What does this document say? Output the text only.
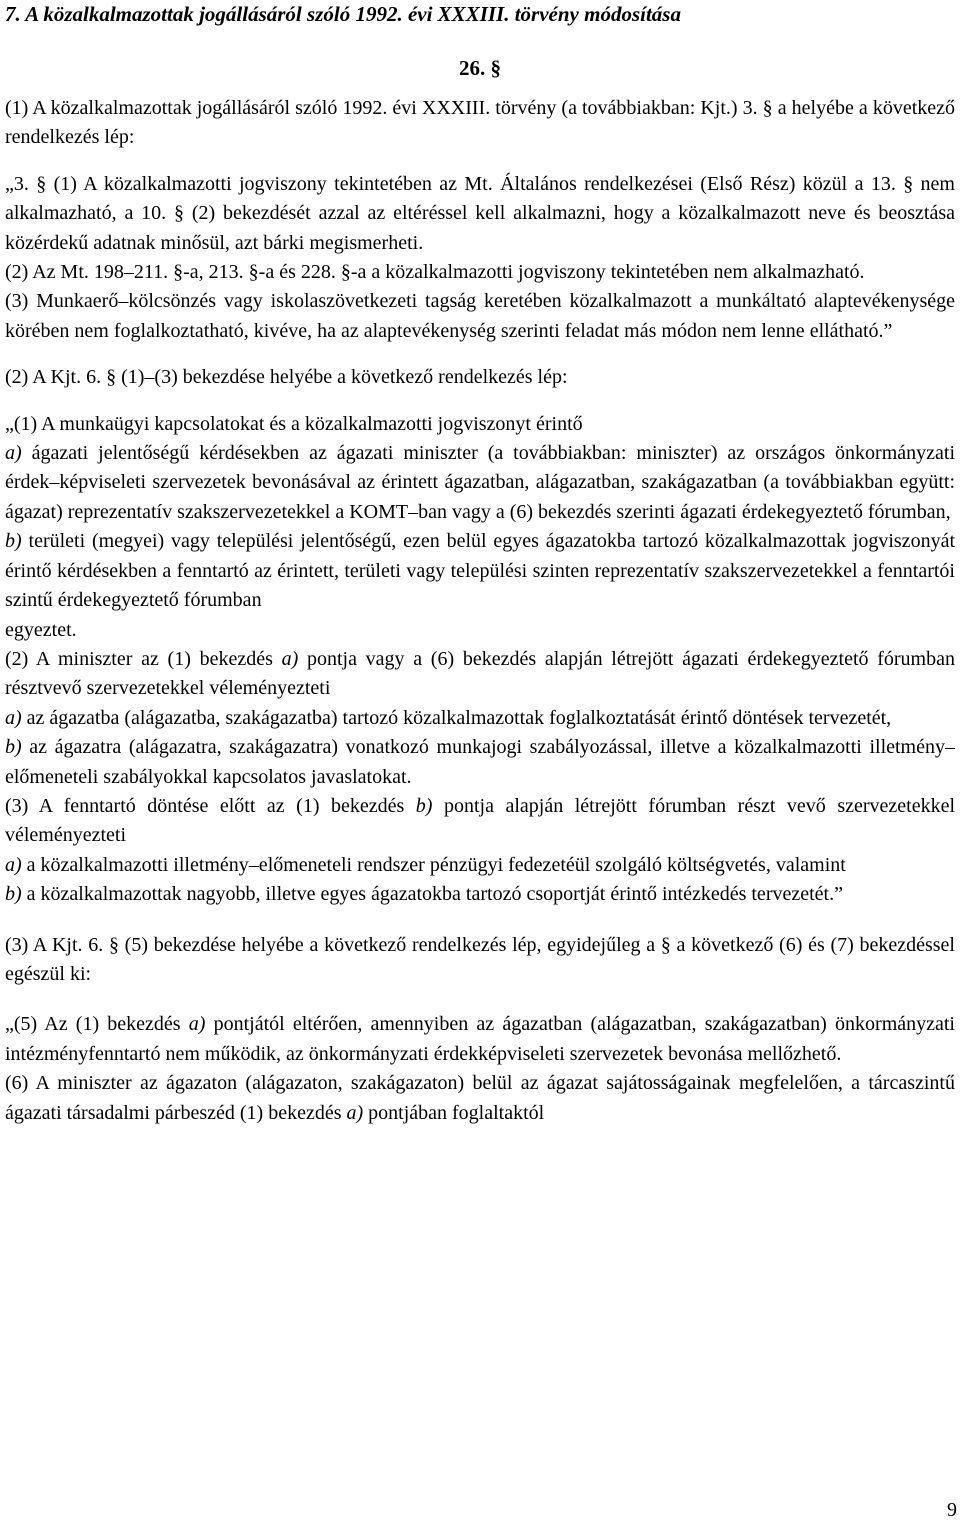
7. A közalkalmazottak jogállásáról szóló 1992. évi XXXIII. törvény módosítása
26. §

(1) A közalkalmazottak jogállásáról szóló 1992. évi XXXIII. törvény (a továbbiakban: Kjt.) 3. § a helyébe a következő rendelkezés lép:

„3. § (1) A közalkalmazotti jogviszony tekintetében az Mt. Általános rendelkezései (Első Rész) közül a 13. § nem alkalmazható, a 10. § (2) bekezdését azzal az eltéréssel kell alkalmazni, hogy a közalkalmazott neve és beosztása közérdekű adatnak minősül, azt bárki megismerheti.

(2) Az Mt. 198–211. §-a, 213. §-a és 228. §-a a közalkalmazotti jogviszony tekintetében nem alkalmazható.

(3) Munkaerő–kölcsönzés vagy iskolaszövetkezeti tagság keretében közalkalmazott a munkáltató alaptevékenysége körében nem foglalkoztatható, kivéve, ha az alaptevékenység szerinti feladat más módon nem lenne ellátható.”

(2) A Kjt. 6. § (1)–(3) bekezdése helyébe a következő rendelkezés lép:

„(1) A munkaügyi kapcsolatokat és a közalkalmazotti jogviszonyt érintő

a) ágazati jelentőségű kérdésekben az ágazati miniszter (a továbbiakban: miniszter) az országos önkormányzati érdek–képviseleti szervezetek bevonásával az érintett ágazatban, alágazatban, szakágazatban (a továbbiakban együtt: ágazat) reprezentatív szakszervezetekkel a KOMT–ban vagy a (6) bekezdés szerinti ágazati érdekegyeztető fórumban,

b) területi (megyei) vagy települési jelentőségű, ezen belül egyes ágazatokba tartozó közalkalmazottak jogviszonyát érintő kérdésekben a fenntartó az érintett, területi vagy települési szinten reprezentatív szakszervezetekkel a fenntartói szintű érdekegyeztető fórumban

egyeztet.

(2) A miniszter az (1) bekezdés a) pontja vagy a (6) bekezdés alapján létrejött ágazati érdekegyeztető fórumban résztvevő szervezetekkel véleményezteti

a) az ágazatba (alágazatba, szakágazatba) tartozó közalkalmazottak foglalkoztatását érintő döntések tervezetét,

b) az ágazatra (alágazatra, szakágazatra) vonatkozó munkajogi szabályozással, illetve a közalkalmazotti illetmény–előmeneteli szabályokkal kapcsolatos javaslatokat.

(3) A fenntartó döntése előtt az (1) bekezdés b) pontja alapján létrejött fórumban részt vevő szervezetekkel véleményezteti

a) a közalkalmazotti illetmény–előmeneteli rendszer pénzügyi fedezetéül szolgáló költségvetés, valamint

b) a közalkalmazottak nagyobb, illetve egyes ágazatokba tartozó csoportját érintő intézkedés tervezetét.”

(3) A Kjt. 6. § (5) bekezdése helyébe a következő rendelkezés lép, egyidejűleg a § a következő (6) és (7) bekezdéssel egészül ki:

„(5) Az (1) bekezdés a) pontjától eltérően, amennyiben az ágazatban (alágazatban, szakágazatban) önkormányzati intézményfenntartó nem működik, az önkormányzati érdekképviseleti szervezetek bevonása mellőzhető.

(6) A miniszter az ágazaton (alágazaton, szakágazaton) belül az ágazat sajátosságainak megfelelően, a tárcaszintű ágazati társadalmi párbeszéd (1) bekezdés a) pontjában foglaltaktól

9
